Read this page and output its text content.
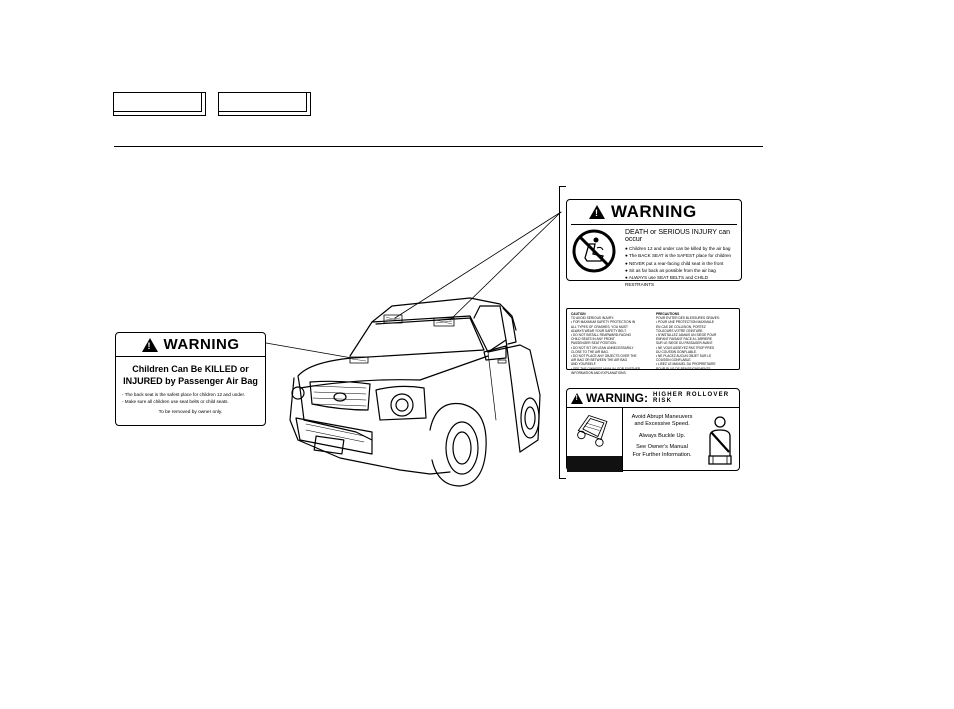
!
WARNING
Children Can Be KILLED or
INJURED by Passenger Air Bag
- The back seat is the safest place for children 12 and under.
- Make sure all children use seat belts or child seats.
To be removed by owner only.
!
WARNING
DEATH or SERIOUS INJURY can occur
● Children 12 and under can be killed by the air bag
● The BACK SEAT is the SAFEST place for children
● NEVER put a rear-facing child seat in the front
● Sit as far back as possible from the air bag
● ALWAYS use SEAT BELTS and CHILD RESTRAINTS
CAUTION
TO AVOID SERIOUS INJURY:
• FOR MAXIMUM SAFETY PROTECTION IN
ALL TYPES OF CRASHES, YOU MUST
ALWAYS WEAR YOUR SAFETY BELT.
• DO NOT INSTALL REARWARD-FACING
CHILD SEATS IN ANY FRONT
PASSENGER SEAT POSITION.
• DO NOT SIT OR LEAN UNNECESSARILY
CLOSE TO THE AIR BAG.
• DO NOT PLACE ANY OBJECTS OVER THE
AIR BAG OR BETWEEN THE AIR BAG
AND YOURSELF.
• SEE THE OWNER'S MANUAL FOR FURTHER
INFORMATION AND EXPLANATIONS.
PRECAUTIONS
POUR EVITER DES BLESSURES GRAVES:
• POUR UNE PROTECTION MAXIMALE
EN CAS DE COLLISION, PORTEZ
TOUJOURS VOTRE CEINTURE.
• N'INSTALLEZ JAMAIS UN SIEGE POUR
ENFANT FAISANT FACE A L'ARRIERE
SUR LE SIEGE DU PASSAGER AVANT.
• NE VOUS ASSEYEZ PAS TROP PRES
DU COUSSIN GONFLABLE.
• NE PLACEZ AUCUN OBJET SUR LE
COUSSIN GONFLABLE.
• LISEZ LE MANUEL DU PROPRIETAIRE
POUR PLUS DE RENSEIGNEMENTS.
!
WARNING: HIGHER ROLLOVER RISK

Avoid Abrupt Maneuvers
and Excessive Speed.

Always Buckle Up.

See Owner's Manual
For Further Information.
